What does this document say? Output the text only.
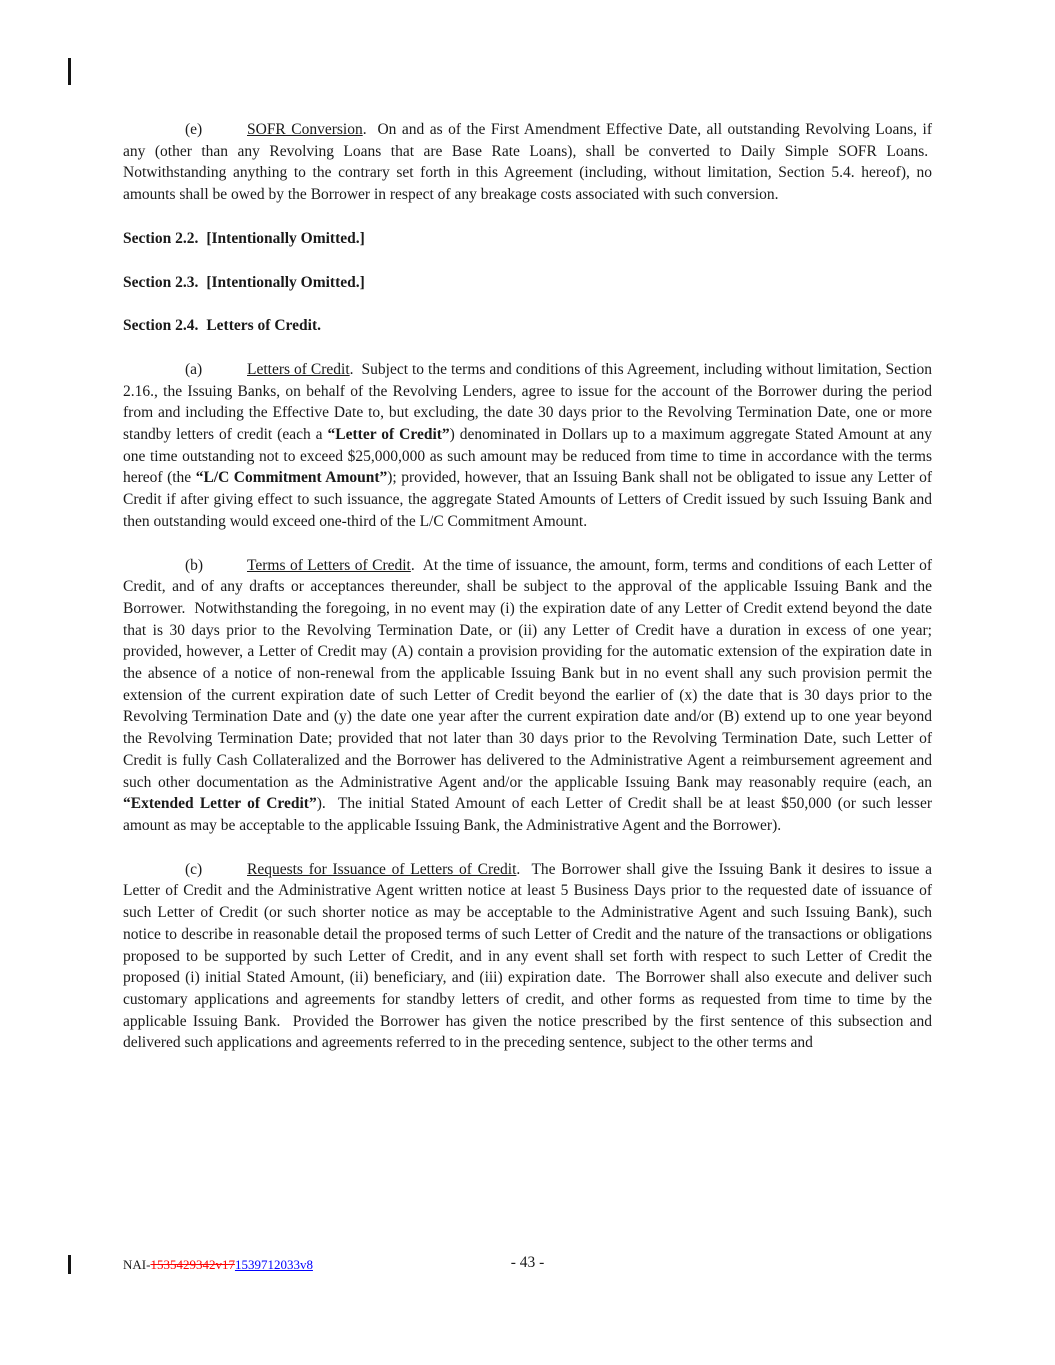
(e)	SOFR Conversion.  On and as of the First Amendment Effective Date, all outstanding Revolving Loans, if any (other than any Revolving Loans that are Base Rate Loans), shall be converted to Daily Simple SOFR Loans.  Notwithstanding anything to the contrary set forth in this Agreement (including, without limitation, Section 5.4. hereof), no amounts shall be owed by the Borrower in respect of any breakage costs associated with such conversion.

Section 2.2. [Intentionally Omitted.]

Section 2.3. [Intentionally Omitted.]

Section 2.4. Letters of Credit.

(a)	Letters of Credit.  Subject to the terms and conditions of this Agreement, including without limitation, Section 2.16., the Issuing Banks, on behalf of the Revolving Lenders, agree to issue for the account of the Borrower during the period from and including the Effective Date to, but excluding, the date 30 days prior to the Revolving Termination Date, one or more standby letters of credit (each a “Letter of Credit”) denominated in Dollars up to a maximum aggregate Stated Amount at any one time outstanding not to exceed $25,000,000 as such amount may be reduced from time to time in accordance with the terms hereof (the “L/C Commitment Amount”); provided, however, that an Issuing Bank shall not be obligated to issue any Letter of Credit if after giving effect to such issuance, the aggregate Stated Amounts of Letters of Credit issued by such Issuing Bank and then outstanding would exceed one-third of the L/C Commitment Amount.

(b)	Terms of Letters of Credit.  At the time of issuance, the amount, form, terms and conditions of each Letter of Credit, and of any drafts or acceptances thereunder, shall be subject to the approval of the applicable Issuing Bank and the Borrower.  Notwithstanding the foregoing, in no event may (i) the expiration date of any Letter of Credit extend beyond the date that is 30 days prior to the Revolving Termination Date, or (ii) any Letter of Credit have a duration in excess of one year; provided, however, a Letter of Credit may (A) contain a provision providing for the automatic extension of the expiration date in the absence of a notice of non-renewal from the applicable Issuing Bank but in no event shall any such provision permit the extension of the current expiration date of such Letter of Credit beyond the earlier of (x) the date that is 30 days prior to the Revolving Termination Date and (y) the date one year after the current expiration date and/or (B) extend up to one year beyond the Revolving Termination Date; provided that not later than 30 days prior to the Revolving Termination Date, such Letter of Credit is fully Cash Collateralized and the Borrower has delivered to the Administrative Agent a reimbursement agreement and such other documentation as the Administrative Agent and/or the applicable Issuing Bank may reasonably require (each, an “Extended Letter of Credit”).  The initial Stated Amount of each Letter of Credit shall be at least $50,000 (or such lesser amount as may be acceptable to the applicable Issuing Bank, the Administrative Agent and the Borrower).

(c)	Requests for Issuance of Letters of Credit.  The Borrower shall give the Issuing Bank it desires to issue a Letter of Credit and the Administrative Agent written notice at least 5 Business Days prior to the requested date of issuance of such Letter of Credit (or such shorter notice as may be acceptable to the Administrative Agent and such Issuing Bank), such notice to describe in reasonable detail the proposed terms of such Letter of Credit and the nature of the transactions or obligations proposed to be supported by such Letter of Credit, and in any event shall set forth with respect to such Letter of Credit the proposed (i) initial Stated Amount, (ii) beneficiary, and (iii) expiration date.  The Borrower shall also execute and deliver such customary applications and agreements for standby letters of credit, and other forms as requested from time to time by the applicable Issuing Bank.  Provided the Borrower has given the notice prescribed by the first sentence of this subsection and delivered such applications and agreements referred to in the preceding sentence, subject to the other terms and

NAI-1535429342v171539712033v8	- 43 -
